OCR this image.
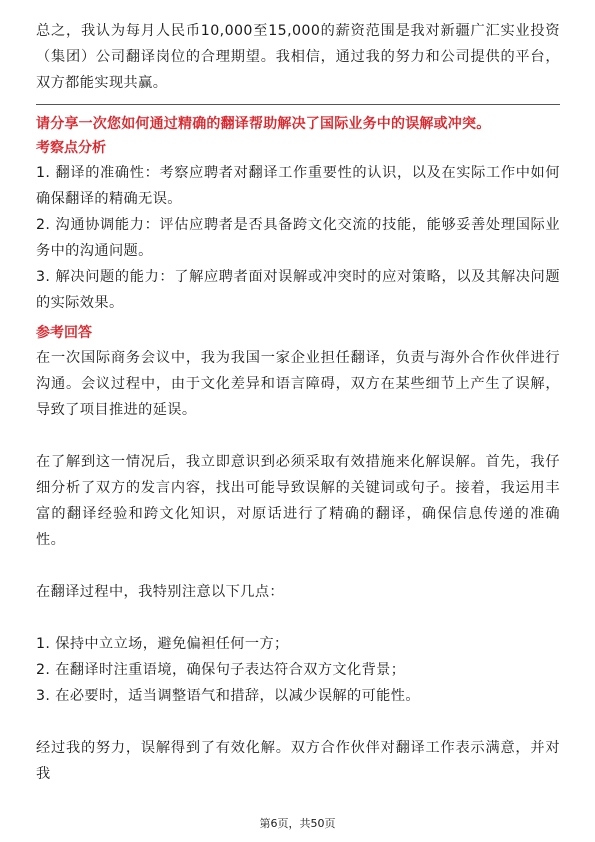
总之，我认为每月人民币10,000至15,000的薪资范围是我对新疆广汇实业投资（集团）公司翻译岗位的合理期望。我相信，通过我的努力和公司提供的平台，双方都能实现共赢。

请分享一次您如何通过精确的翻译帮助解决了国际业务中的误解或冲突。

考察点分析

1. 翻译的准确性：考察应聘者对翻译工作重要性的认识，以及在实际工作中如何确保翻译的精确无误。

2. 沟通协调能力：评估应聘者是否具备跨文化交流的技能，能够妥善处理国际业务中的沟通问题。

3. 解决问题的能力：了解应聘者面对误解或冲突时的应对策略，以及其解决问题的实际效果。

参考回答

在一次国际商务会议中，我为我国一家企业担任翻译，负责与海外合作伙伴进行沟通。会议过程中，由于文化差异和语言障碍，双方在某些细节上产生了误解，导致了项目推进的延误。

在了解到这一情况后，我立即意识到必须采取有效措施来化解误解。首先，我仔细分析了双方的发言内容，找出可能导致误解的关键词或句子。接着，我运用丰富的翻译经验和跨文化知识，对原话进行了精确的翻译，确保信息传递的准确性。

在翻译过程中，我特别注意以下几点：

1. 保持中立立场，避免偏袒任何一方；

2. 在翻译时注重语境，确保句子表达符合双方文化背景；

3. 在必要时，适当调整语气和措辞，以减少误解的可能性。

经过我的努力，误解得到了有效化解。双方合作伙伴对翻译工作表示满意，并对我

第6页，共50页
